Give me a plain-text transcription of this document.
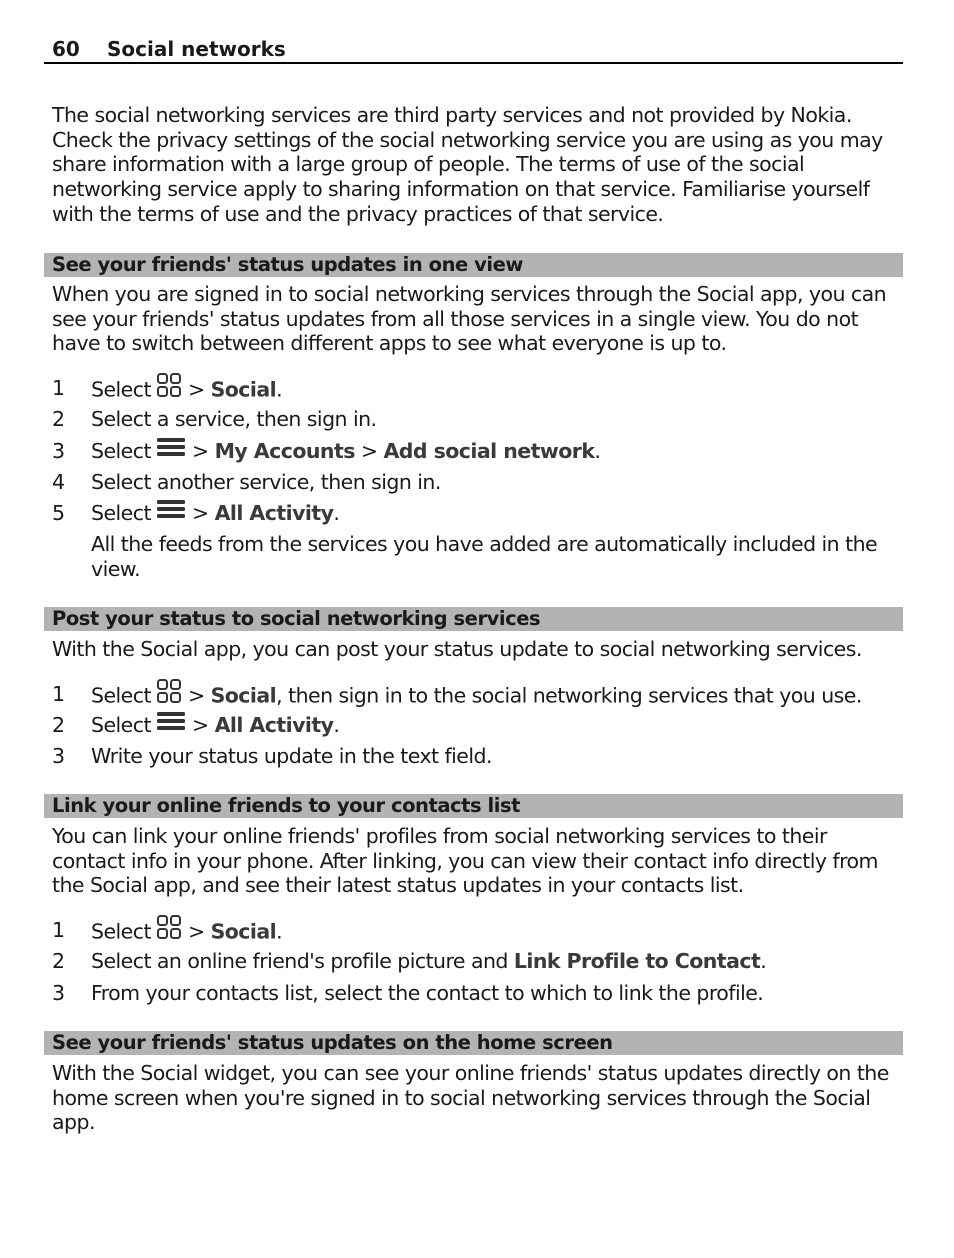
60 Social networks

The social networking services are third party services and not provided by Nokia. Check the privacy settings of the social networking service you are using as you may share information with a large group of people. The terms of use of the social networking service apply to sharing information on that service. Familiarise yourself with the terms of use and the privacy practices of that service.

See your friends' status updates in one view

When you are signed in to social networking services through the Social app, you can see your friends' status updates from all those services in a single view. You do not have to switch between different apps to see what everyone is up to.

1 Select > Social.
2 Select a service, then sign in.
3 Select > My Accounts > Add social network.
4 Select another service, then sign in.
5 Select > All Activity.

All the feeds from the services you have added are automatically included in the view.

Post your status to social networking services

With the Social app, you can post your status update to social networking services.

1 Select > Social, then sign in to the social networking services that you use.
2 Select > All Activity.
3 Write your status update in the text field.
Link your online friends to your contacts list

You can link your online friends' profiles from social networking services to their contact info in your phone. After linking, you can view their contact info directly from the Social app, and see their latest status updates in your contacts list.

1 Select > Social.
2 Select an online friend's profile picture and Link Profile to Contact.
3 From your contacts list, select the contact to which to link the profile.
See your friends' status updates on the home screen

With the Social widget, you can see your online friends' status updates directly on the home screen when you're signed in to social networking services through the Social app.
